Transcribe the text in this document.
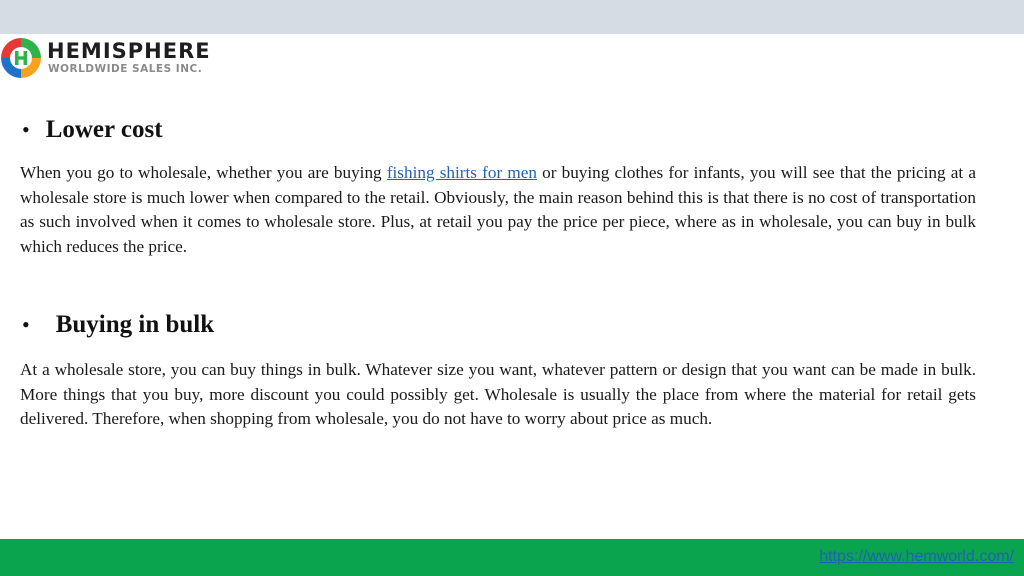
HEMISPHERE
WORLDWIDE SALES INC.
• Lower cost

When you go to wholesale, whether you are buying fishing shirts for men or buying clothes for infants, you will see that the pricing at a wholesale store is much lower when compared to the retail. Obviously, the main reason behind this is that there is no cost of transportation as such involved when it comes to wholesale store. Plus, at retail you pay the price per piece, where as in wholesale, you can buy in bulk which reduces the price.

• Buying in bulk

At a wholesale store, you can buy things in bulk. Whatever size you want, whatever pattern or design that you want can be made in bulk. More things that you buy, more discount you could possibly get. Wholesale is usually the place from where the material for retail gets delivered. Therefore, when shopping from wholesale, you do not have to worry about price as much.

https://www.hemworld.com/
